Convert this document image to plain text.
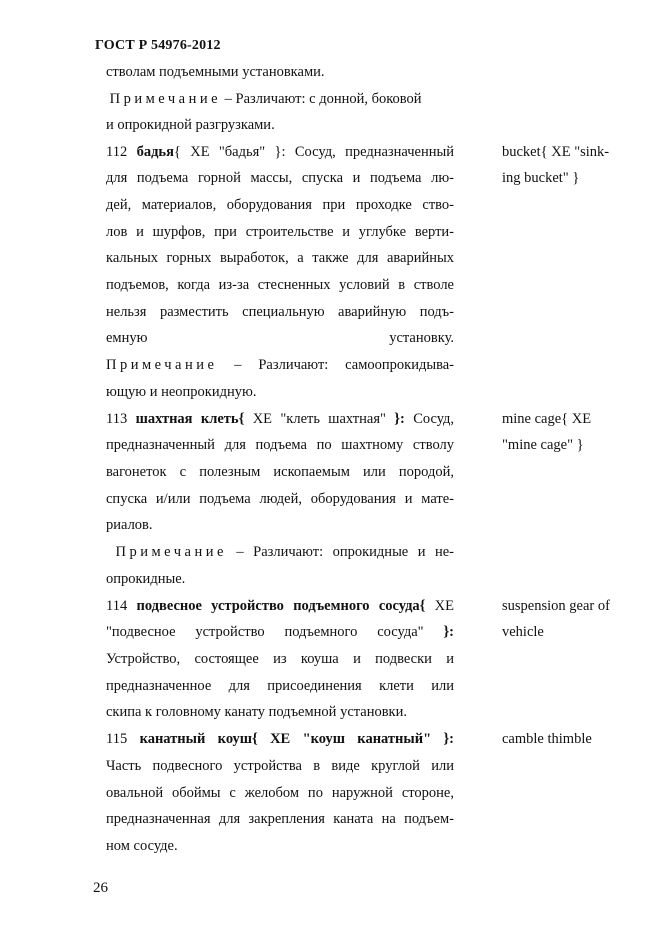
ГОСТ Р 54976-2012
стволам подъемными установками.
Примечание – Различают: с донной, боковой
и опрокидной разгрузками.
112 бадья{ XE "бадья" }: Сосуд, предназначенный
для подъема горной массы, спуска и подъема лю-
дей, материалов, оборудования при проходке ство-
лов и шурфов, при строительстве и углубке верти-
кальных горных выработок, а также для аварийных
подъемов, когда из-за стесненных условий в стволе
нельзя разместить специальную аварийную подъ-
емную	установку.
Примечание – Различают: самоопрокидыва-
ющую и неопрокидную.
113 шахтная клеть{ XE "клеть шахтная" }: Сосуд,
предназначенный для подъема по шахтному стволу
вагонеток с полезным ископаемым или породой,
спуска и/или подъема людей, оборудования и мате-
риалов.
Примечание – Различают: опрокидные и не-
опрокидные.
114 подвесное устройство подъемного сосуда{ XE
"подвесное устройство подъемного сосуда" }:
Устройство, состоящее из коуша и подвески и
предназначенное для присоединения клети или
скипа к головному канату подъемной установки.
115 канатный коуш{ XE "коуш канатный" }:
Часть подвесного устройства в виде круглой или
овальной обоймы с желобом по наружной стороне,
предназначенная для закрепления каната на подъем-
ном сосуде.
bucket{ XE "sink-
ing bucket" }
mine cage{ XE
"mine cage" }
suspension gear of
vehicle
camble thimble
26
